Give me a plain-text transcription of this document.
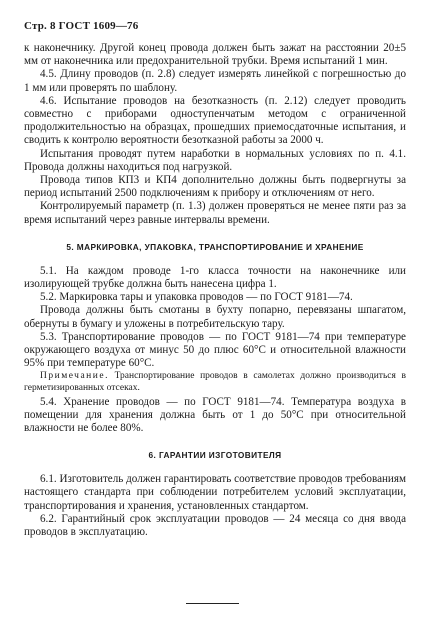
Стр. 8 ГОСТ 1609—76

к наконечнику. Другой конец провода должен быть зажат на расстоянии 20±5 мм от наконечника или предохранительной трубки. Время испытаний 1 мин.

4.5. Длину проводов (п. 2.8) следует измерять линейкой с погрешностью до 1 мм или проверять по шаблону.

4.6. Испытание проводов на безотказность (п. 2.12) следует проводить совместно с приборами одноступенчатым методом с ограниченной продолжительностью на образцах, прошедших приемосдаточные испытания, и сводить к контролю вероятности безотказной работы за 2000 ч.

Испытания проводят путем наработки в нормальных условиях по п. 4.1. Провода должны находиться под нагрузкой.

Провода типов КП3 и КП4 дополнительно должны быть подвергнуты за период испытаний 2500 подключениям к прибору и отключениям от него.

Контролируемый параметр (п. 1.3) должен проверяться не менее пяти раз за время испытаний через равные интервалы времени.

5. МАРКИРОВКА, УПАКОВКА, ТРАНСПОРТИРОВАНИЕ И ХРАНЕНИЕ

5.1. На каждом проводе 1-го класса точности на наконечнике или изолирующей трубке должна быть нанесена цифра 1.

5.2. Маркировка тары и упаковка проводов — по ГОСТ 9181—74.

Провода должны быть смотаны в бухту попарно, перевязаны шпагатом, обернуты в бумагу и уложены в потребительскую тару.

5.3. Транспортирование проводов — по ГОСТ 9181—74 при температуре окружающего воздуха от минус 50 до плюс 60°С и относительной влажности 95% при температуре 60°С.

Примечание. Транспортирование проводов в самолетах должно производиться в герметизированных отсеках.

5.4. Хранение проводов — по ГОСТ 9181—74. Температура воздуха в помещении для хранения должна быть от 1 до 50°С при относительной влажности не более 80%.

6. ГАРАНТИИ ИЗГОТОВИТЕЛЯ

6.1. Изготовитель должен гарантировать соответствие проводов требованиям настоящего стандарта при соблюдении потребителем условий эксплуатации, транспортирования и хранения, установленных стандартом.

6.2. Гарантийный срок эксплуатации проводов — 24 месяца со дня ввода проводов в эксплуатацию.
